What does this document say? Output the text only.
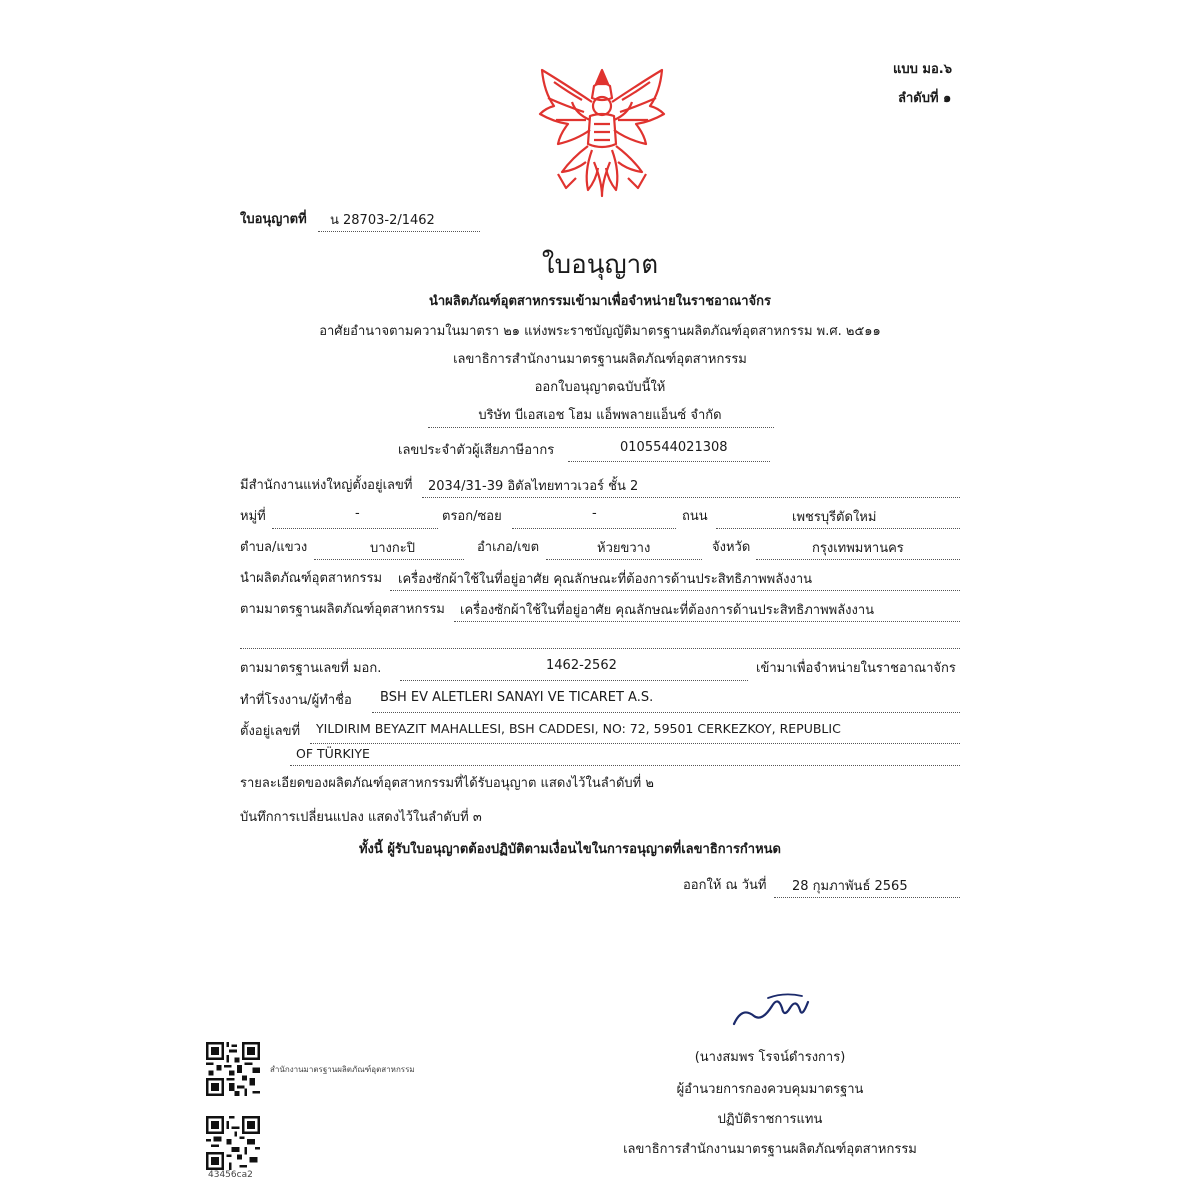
แบบ มอ.๖
ลำดับที่ ๑
ใบอนุญาตที่ น 28703-2/1462
ใบอนุญาต
นำผลิตภัณฑ์อุตสาหกรรมเข้ามาเพื่อจำหน่ายในราชอาณาจักร
อาศัยอำนาจตามความในมาตรา ๒๑ แห่งพระราชบัญญัติมาตรฐานผลิตภัณฑ์อุตสาหกรรม พ.ศ. ๒๕๑๑
เลขาธิการสำนักงานมาตรฐานผลิตภัณฑ์อุตสาหกรรม
ออกใบอนุญาตฉบับนี้ให้
บริษัท บีเอสเอช โฮม แอ็พพลายแอ็นซ์ จำกัด
เลขประจำตัวผู้เสียภาษีอากร	0105544021308
มีสำนักงานแห่งใหญ่ตั้งอยู่เลขที่ 2034/31-39 อิตัลไทยทาวเวอร์ ชั้น 2
หมู่ที่	-	ตรอก/ซอย	-	ถนน	เพชรบุรีตัดใหม่
ตำบล/แขวง	บางกะปิ	อำเภอ/เขต	ห้วยขวาง	จังหวัด	กรุงเทพมหานคร
นำผลิตภัณฑ์อุตสาหกรรม เครื่องซักผ้าใช้ในที่อยู่อาศัย คุณลักษณะที่ต้องการด้านประสิทธิภาพพลังงาน
ตามมาตรฐานผลิตภัณฑ์อุตสาหกรรม เครื่องซักผ้าใช้ในที่อยู่อาศัย คุณลักษณะที่ต้องการด้านประสิทธิภาพพลังงาน
ตามมาตรฐานเลขที่ มอก.	1462-2562	เข้ามาเพื่อจำหน่ายในราชอาณาจักร
ทำที่โรงงาน/ผู้ทำชื่อ BSH EV ALETLERI SANAYI VE TICARET A.S.
ตั้งอยู่เลขที่ YILDIRIM BEYAZIT MAHALLESI, BSH CADDESI, NO: 72, 59501 CERKEZKOY, REPUBLIC
OF TÜRKIYE
รายละเอียดของผลิตภัณฑ์อุตสาหกรรมที่ได้รับอนุญาต แสดงไว้ในลำดับที่ ๒
บันทึกการเปลี่ยนแปลง แสดงไว้ในลำดับที่ ๓
ทั้งนี้ ผู้รับใบอนุญาตต้องปฏิบัติตามเงื่อนไขในการอนุญาตที่เลขาธิการกำหนด
ออกให้ ณ วันที่ 28 กุมภาพันธ์ 2565
(นางสมพร โรจน์ดำรงการ)
ผู้อำนวยการกองควบคุมมาตรฐาน
ปฏิบัติราชการแทน
เลขาธิการสำนักงานมาตรฐานผลิตภัณฑ์อุตสาหกรรม
สำนักงานมาตรฐานผลิตภัณฑ์อุตสาหกรรม
43456ca2
